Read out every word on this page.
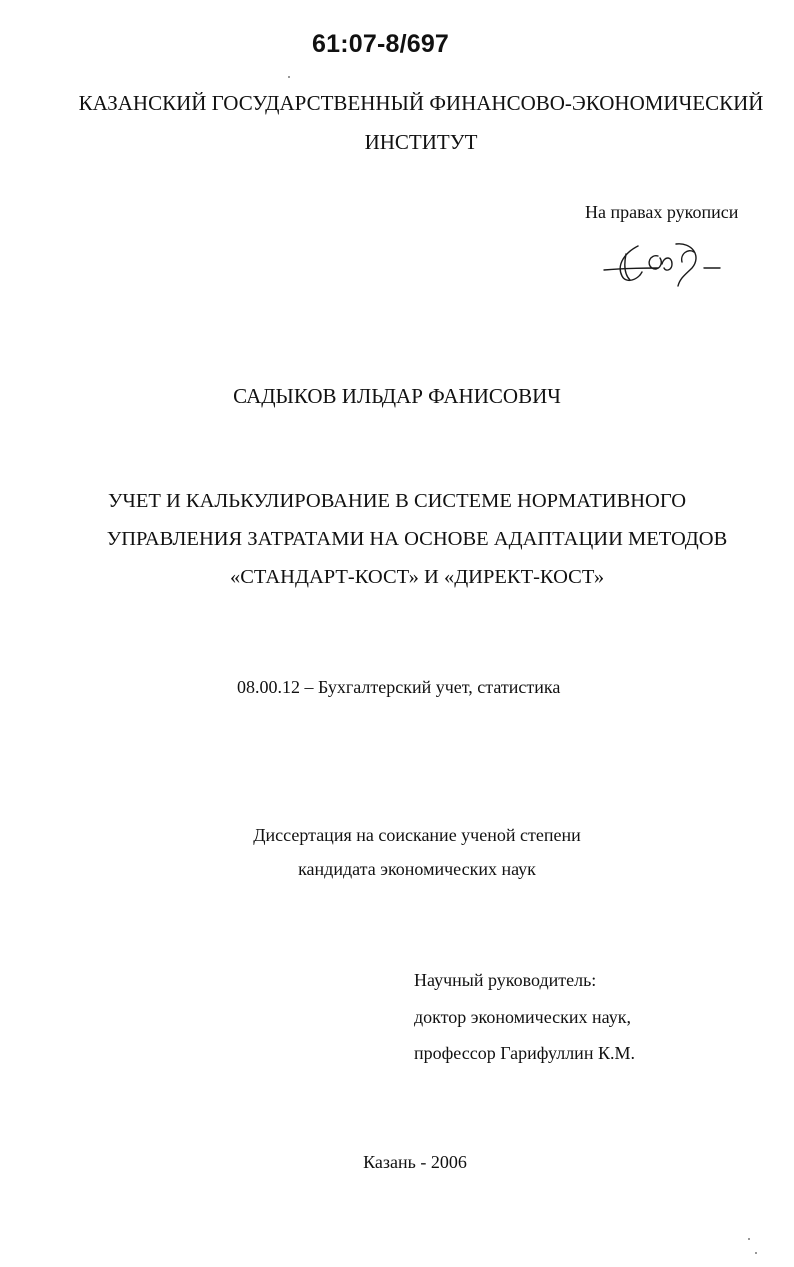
61:07-8/697
КАЗАНСКИЙ ГОСУДАРСТВЕННЫЙ ФИНАНСОВО-ЭКОНОМИЧЕСКИЙ
ИНСТИТУТ
На правах рукописи
САДЫКОВ ИЛЬДАР ФАНИСОВИЧ
УЧЕТ И КАЛЬКУЛИРОВАНИЕ В СИСТЕМЕ НОРМАТИВНОГО
УПРАВЛЕНИЯ ЗАТРАТАМИ НА ОСНОВЕ АДАПТАЦИИ МЕТОДОВ
«СТАНДАРТ-КОСТ» И «ДИРЕКТ-КОСТ»
08.00.12 – Бухгалтерский учет, статистика
Диссертация на соискание ученой степени
кандидата экономических наук
Научный руководитель:
доктор экономических наук,
профессор Гарифуллин К.М.
Казань - 2006
